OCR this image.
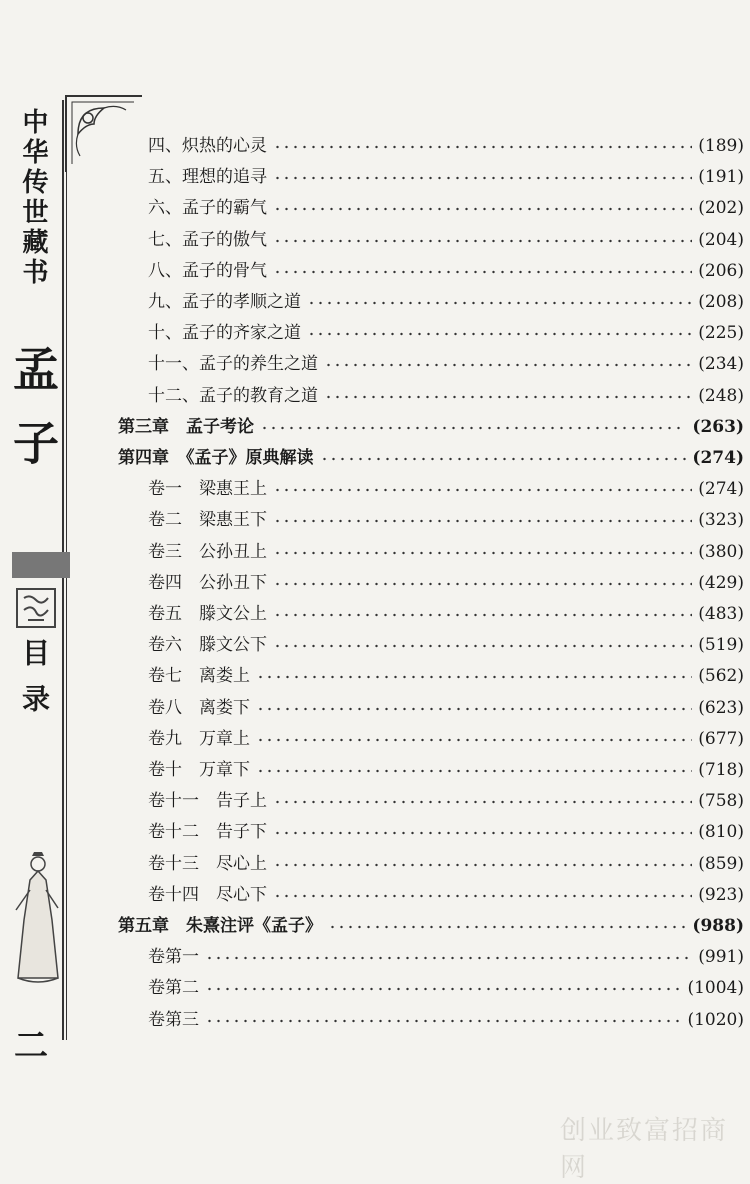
中华传世藏书
孟子
目录
二
四、炽热的心灵	(189)
五、理想的追寻	(191)
六、孟子的霸气	(202)
七、孟子的傲气	(204)
八、孟子的骨气	(206)
九、孟子的孝顺之道	(208)
十、孟子的齐家之道	(225)
十一、孟子的养生之道	(234)
十二、孟子的教育之道	(248)
第三章　孟子考论	(263)
第四章　《孟子》原典解读	(274)
卷一　梁惠王上	(274)
卷二　梁惠王下	(323)
卷三　公孙丑上	(380)
卷四　公孙丑下	(429)
卷五　滕文公上	(483)
卷六　滕文公下	(519)
卷七　离娄上	(562)
卷八　离娄下	(623)
卷九　万章上	(677)
卷十　万章下	(718)
卷十一　告子上	(758)
卷十二　告子下	(810)
卷十三　尽心上	(859)
卷十四　尽心下	(923)
第五章　朱熹注评《孟子》	(988)
卷第一	(991)
卷第二	(1004)
卷第三	(1020)
创业致富招商网
